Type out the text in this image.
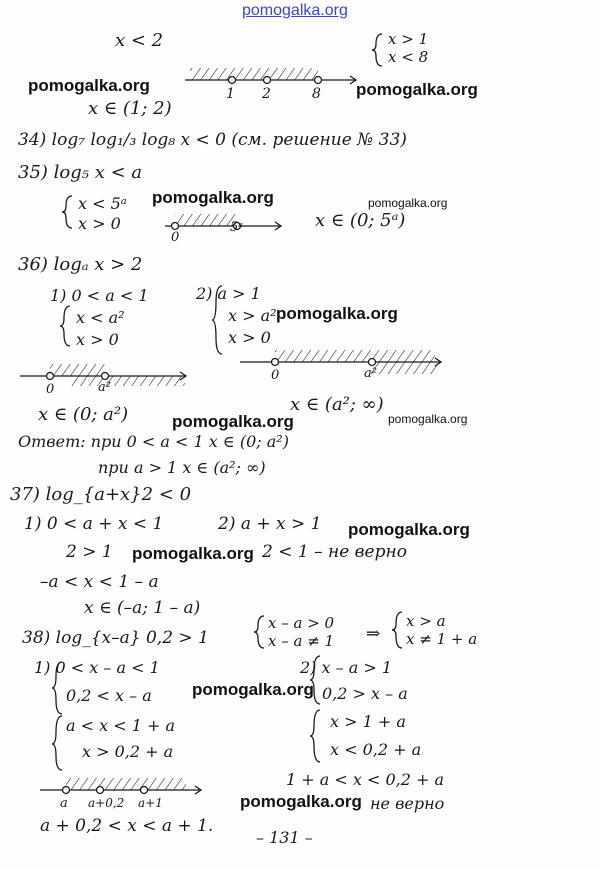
pomogalka.org
x < 2	x > 1
x < 8
1 2	8
x ∈ (1; 2)
34) log₇ log₁/₃ log₈ x < 0 (см. решение № 33)
35) log₅ x < a
x < 5ᵃ
x > 0
0
5ᵃ	x ∈ (0; 5ᵃ)
36) logₐ x > 2
1) 0 < a < 1
x < a²
x > 0
2) a > 1
x > a²
x > 0
0	a²
0	a²
x ∈ (0; a²)	x ∈ (a²; ∞)
Ответ: при 0 < a < 1 x ∈ (0; a²)
при a > 1 x ∈ (a²; ∞)
37) log_{a+x}2 < 0
1) 0 < a + x < 1	2) a + x > 1
2 > 1	2 < 1 – не верно
–a < x < 1 – a
x ∈ (–a; 1 – a)
38) log_{x–a} 0,2 > 1
x – a > 0
x – a ≠ 1 ⇒
x > a
x ≠ 1 + a
1) 0 < x – a < 1
0,2 < x – a
a < x < 1 + a
x > 0,2 + a
2) x – a > 1
0,2 > x – a
x > 1 + a
x < 0,2 + a
1 + a < x < 0,2 + a
a a+0,2 a+1	не верно
a + 0,2 < x < a + 1.
– 131 –
pomogalka.org	pomogalka.org
pomogalka.org	pomogalka.org
pomogalka.org
pomogalka.org	pomogalka.org
pomogalka.org
pomogalka.org
pomogalka.org
pomogalka.org
